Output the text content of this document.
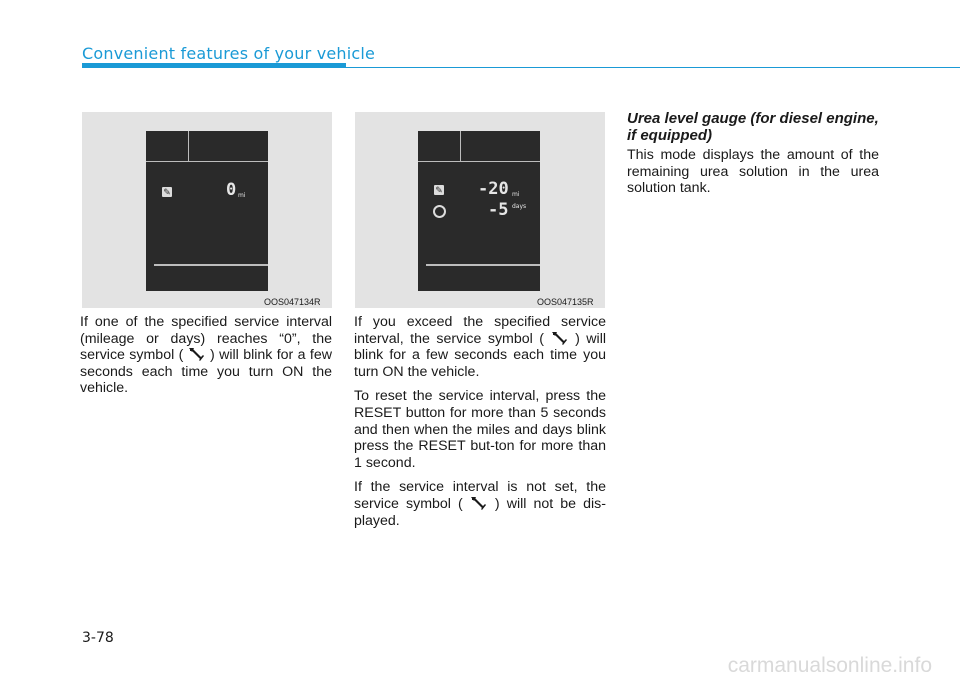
Convenient features of your vehicle
✎	0 mi
OOS047134R
✎ -20 mi
-5 days
OOS047135R

If one of the specified service interval (mileage or days) reaches “0”, the service symbol ( ) will blink for a few seconds each time you turn ON the vehicle.

If you exceed the specified service interval, the service symbol ( ) will blink for a few seconds each time you turn ON the vehicle.

To reset the service interval, press the RESET button for more than 5 seconds and then when the miles and days blink press the RESET but-ton for more than 1 second.

If the service interval is not set, the service symbol ( ) will not be dis-played.

Urea level gauge (for diesel engine, if equipped)

This mode displays the amount of the remaining urea solution in the urea solution tank.

3-78
carmanualsonline.info
